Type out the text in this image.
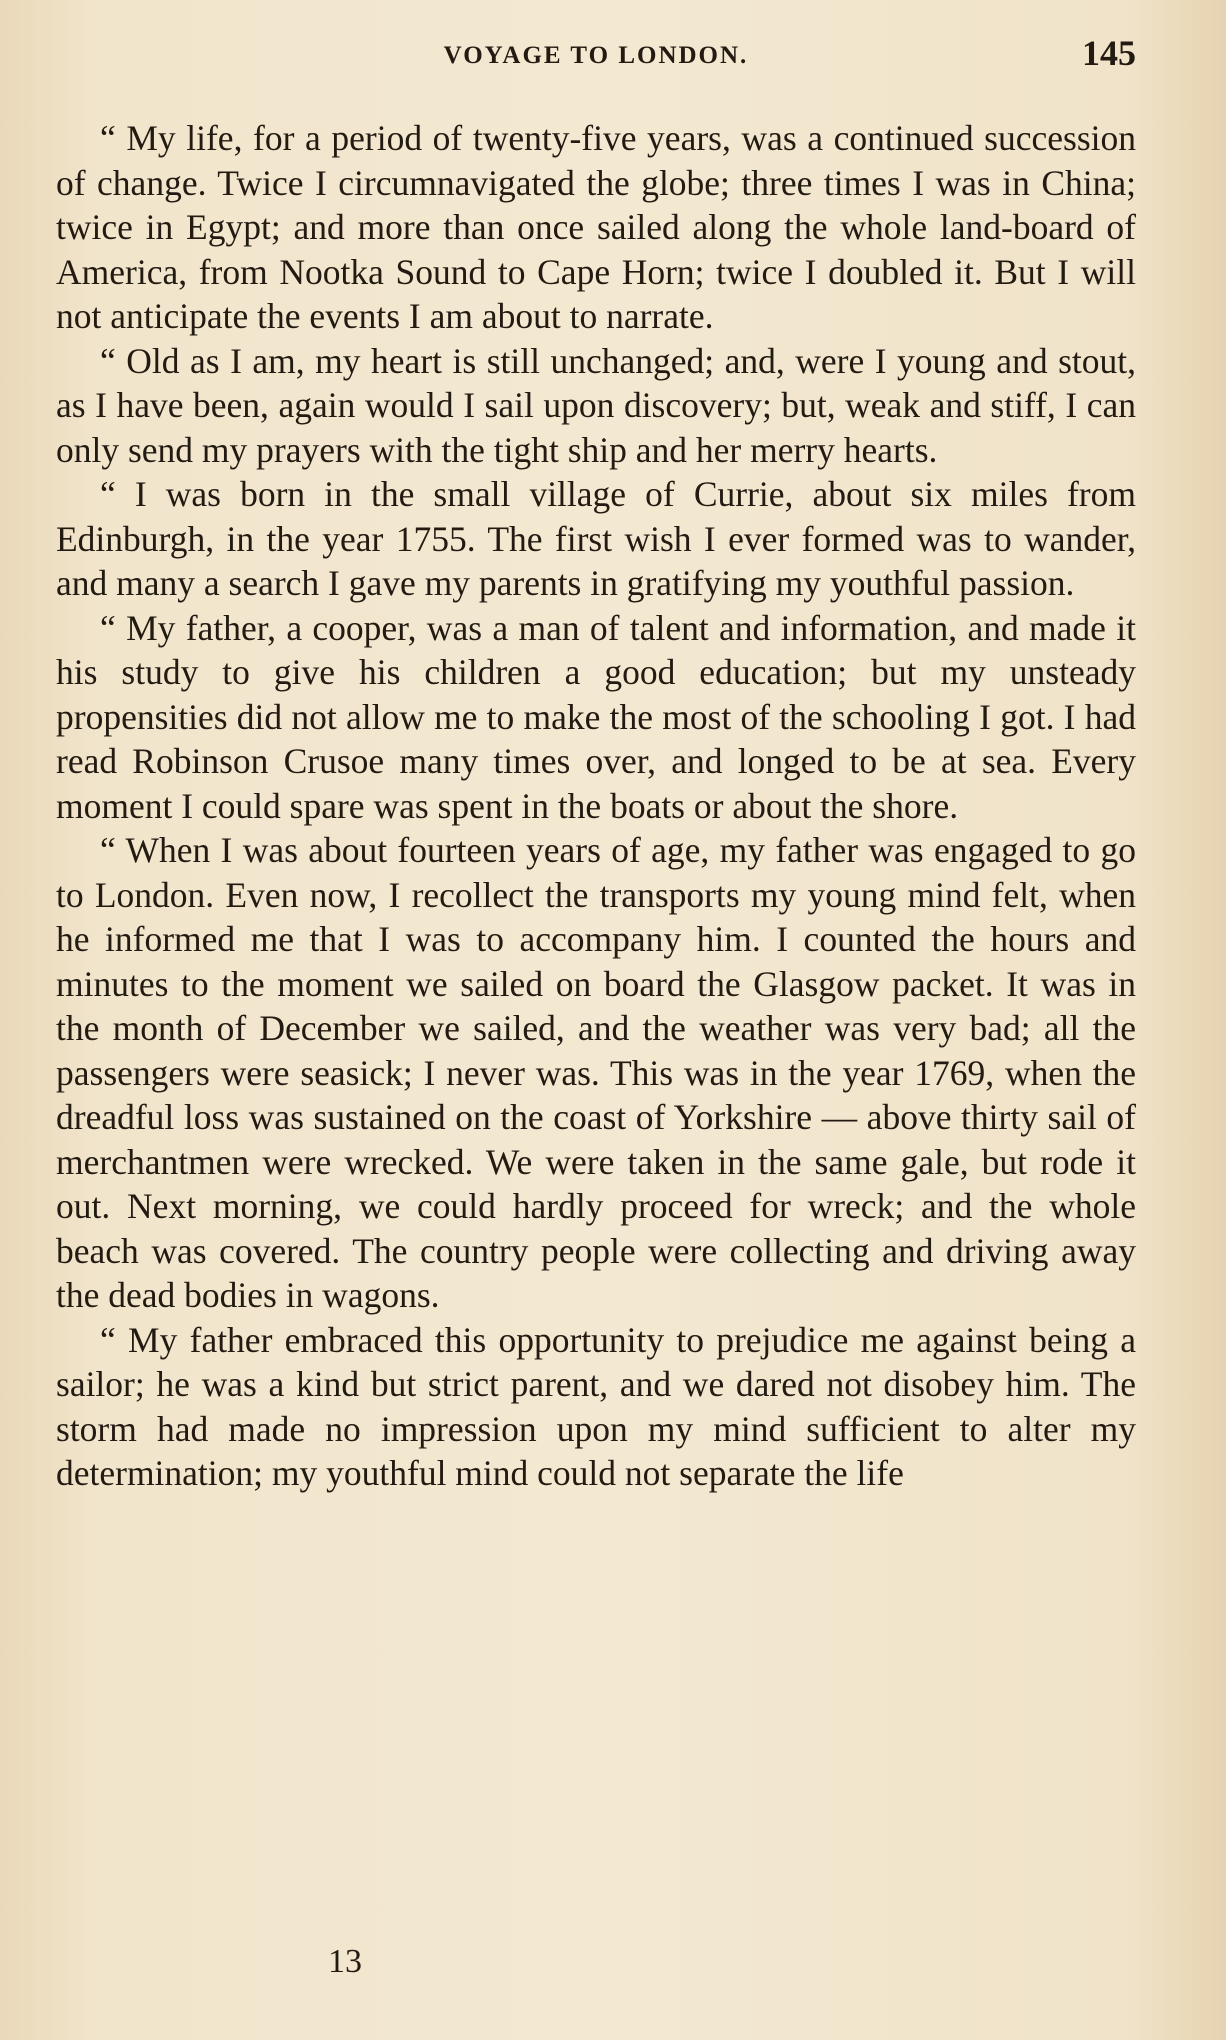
VOYAGE TO LONDON.	145

“ My life, for a period of twenty-five years, was a continued succession of change. Twice I circumnavigated the globe; three times I was in China; twice in Egypt; and more than once sailed along the whole land-board of America, from Nootka Sound to Cape Horn; twice I doubled it. But I will not anticipate the events I am about to narrate.

“ Old as I am, my heart is still unchanged; and, were I young and stout, as I have been, again would I sail upon discovery; but, weak and stiff, I can only send my prayers with the tight ship and her merry hearts.

“ I was born in the small village of Currie, about six miles from Edinburgh, in the year 1755. The first wish I ever formed was to wander, and many a search I gave my parents in gratifying my youthful passion.

“ My father, a cooper, was a man of talent and information, and made it his study to give his children a good education; but my unsteady propensities did not allow me to make the most of the schooling I got. I had read Robinson Crusoe many times over, and longed to be at sea. Every moment I could spare was spent in the boats or about the shore.

“ When I was about fourteen years of age, my father was engaged to go to London. Even now, I recollect the transports my young mind felt, when he informed me that I was to accompany him. I counted the hours and minutes to the moment we sailed on board the Glasgow packet. It was in the month of December we sailed, and the weather was very bad; all the passengers were seasick; I never was. This was in the year 1769, when the dreadful loss was sustained on the coast of Yorkshire — above thirty sail of merchantmen were wrecked. We were taken in the same gale, but rode it out. Next morning, we could hardly proceed for wreck; and the whole beach was covered. The country people were collecting and driving away the dead bodies in wagons.

“ My father embraced this opportunity to prejudice me against being a sailor; he was a kind but strict parent, and we dared not disobey him. The storm had made no impression upon my mind sufficient to alter my determination; my youthful mind could not separate the life

13
